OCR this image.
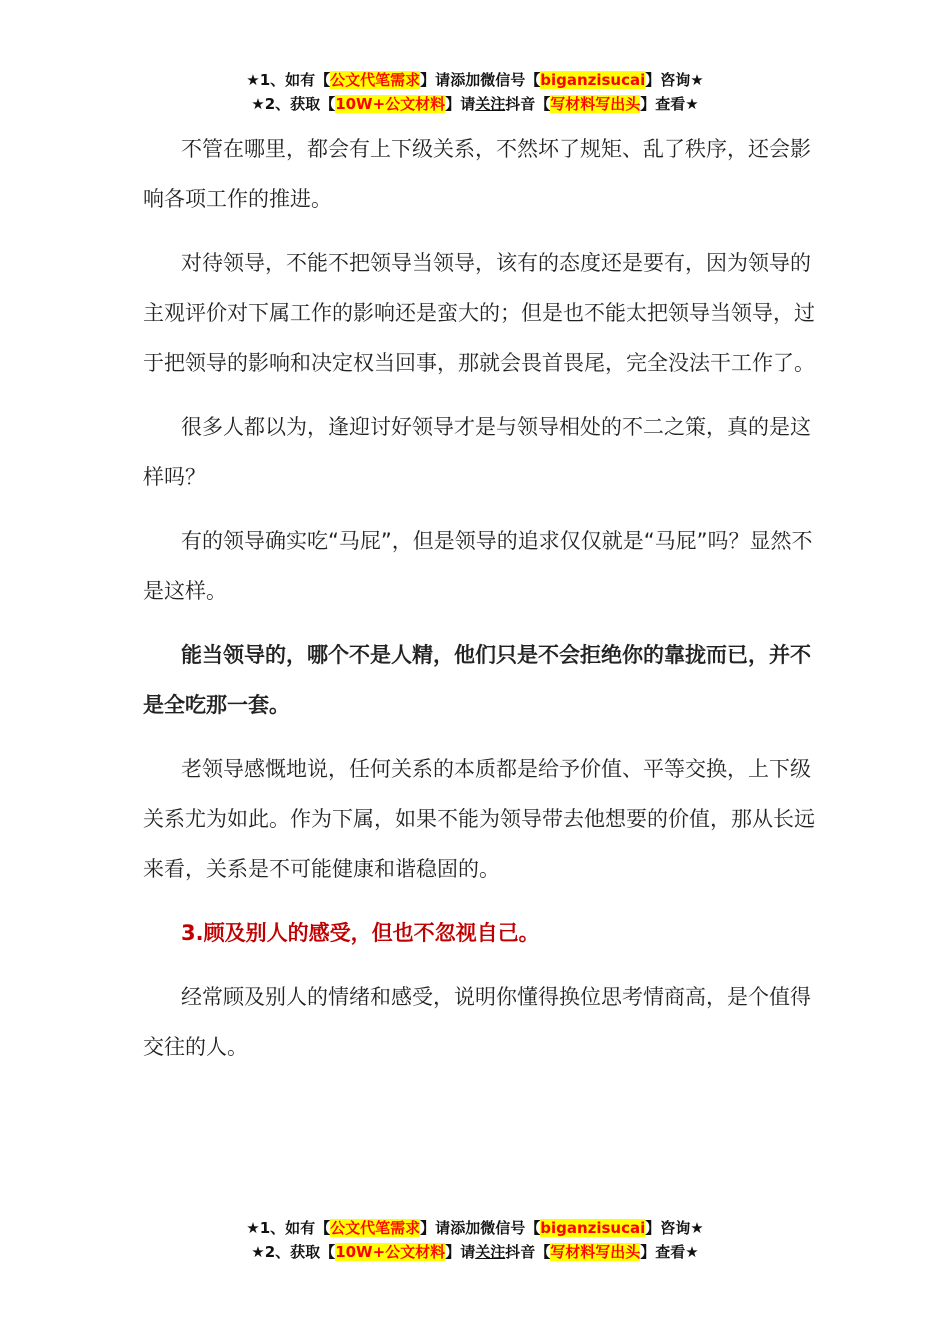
★1、如有【公文代笔需求】请添加微信号【biganzisucai】咨询★
★2、获取【10W+公文材料】请关注抖音【写材料写出头】查看★

不管在哪里，都会有上下级关系，不然坏了规矩、乱了秩序，还会影响各项工作的推进。

对待领导，不能不把领导当领导，该有的态度还是要有，因为领导的主观评价对下属工作的影响还是蛮大的；但是也不能太把领导当领导，过于把领导的影响和决定权当回事，那就会畏首畏尾，完全没法干工作了。

很多人都以为，逢迎讨好领导才是与领导相处的不二之策，真的是这样吗？

有的领导确实吃“马屁”，但是领导的追求仅仅就是“马屁”吗？显然不是这样。

能当领导的，哪个不是人精，他们只是不会拒绝你的靠拢而已，并不是全吃那一套。

老领导感慨地说，任何关系的本质都是给予价值、平等交换，上下级关系尤为如此。作为下属，如果不能为领导带去他想要的价值，那从长远来看，关系是不可能健康和谐稳固的。

3.顾及别人的感受，但也不忽视自己。

经常顾及别人的情绪和感受，说明你懂得换位思考情商高，是个值得交往的人。

★1、如有【公文代笔需求】请添加微信号【biganzisucai】咨询★
★2、获取【10W+公文材料】请关注抖音【写材料写出头】查看★
